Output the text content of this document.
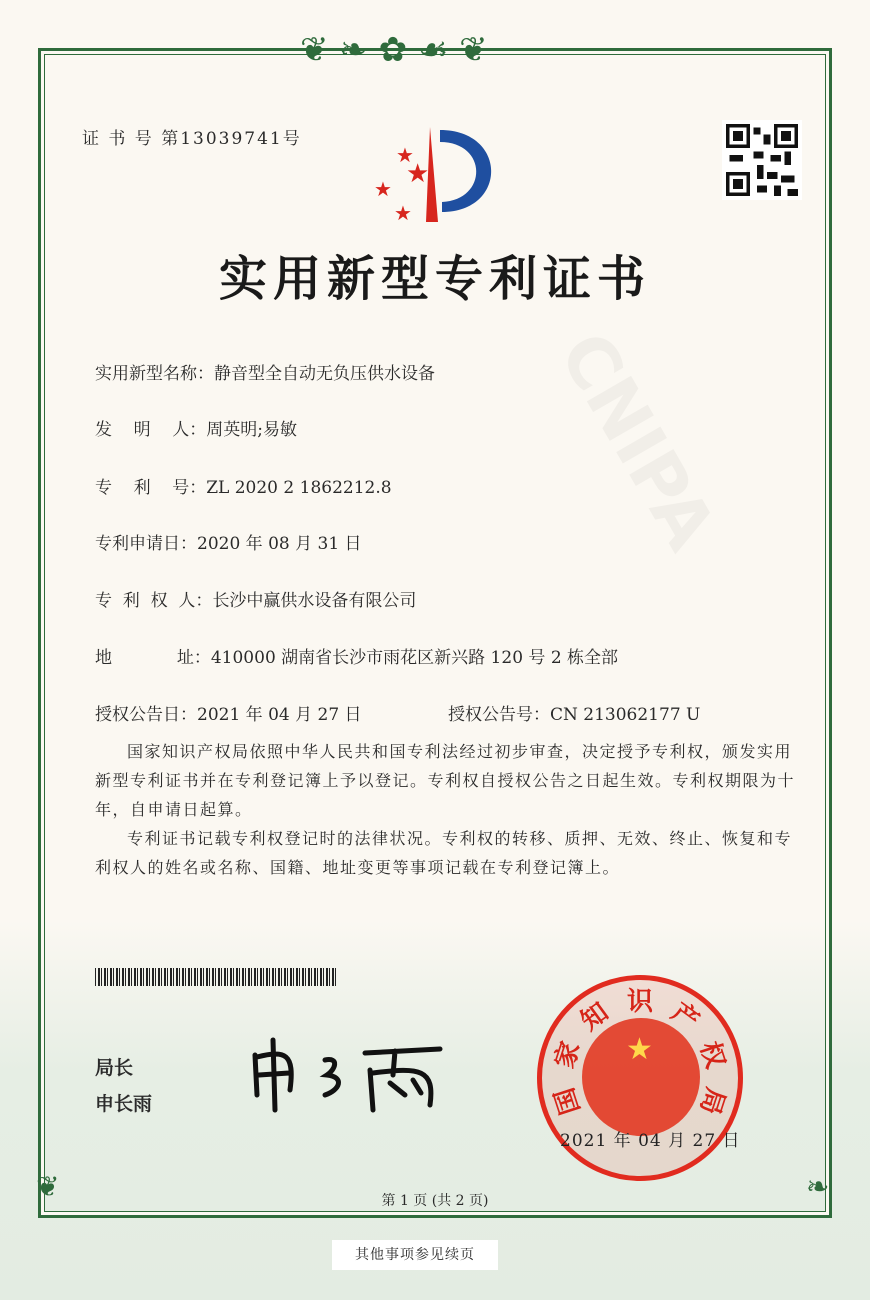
❦ ❧ ✿ ☙ ❦
❦	❧
证 书 号 第13039741号
★
★
★
★
实用新型专利证书
实用新型名称：静音型全自动无负压供水设备
发    明    人：周英明;易敏
专    利    号：ZL 2020 2 1862212.8
专利申请日：2020 年 08 月 31 日
专  利  权  人：长沙中赢供水设备有限公司
地            址：410000 湖南省长沙市雨花区新兴路 120 号 2 栋全部
授权公告日：2021 年 04 月 27 日	授权公告号：CN 213062177 U
国家知识产权局依照中华人民共和国专利法经过初步审查，决定授予专利权，颁发实用新型专利证书并在专利登记簿上予以登记。专利权自授权公告之日起生效。专利权期限为十年，自申请日起算。
专利证书记载专利权登记时的法律状况。专利权的转移、质押、无效、终止、恢复和专利权人的姓名或名称、国籍、地址变更等事项记载在专利登记簿上。
局长
申长雨
★
国
家
知 识 产
权
局
2021 年 04 月 27 日
第 1 页 (共 2 页)
其他事项参见续页
